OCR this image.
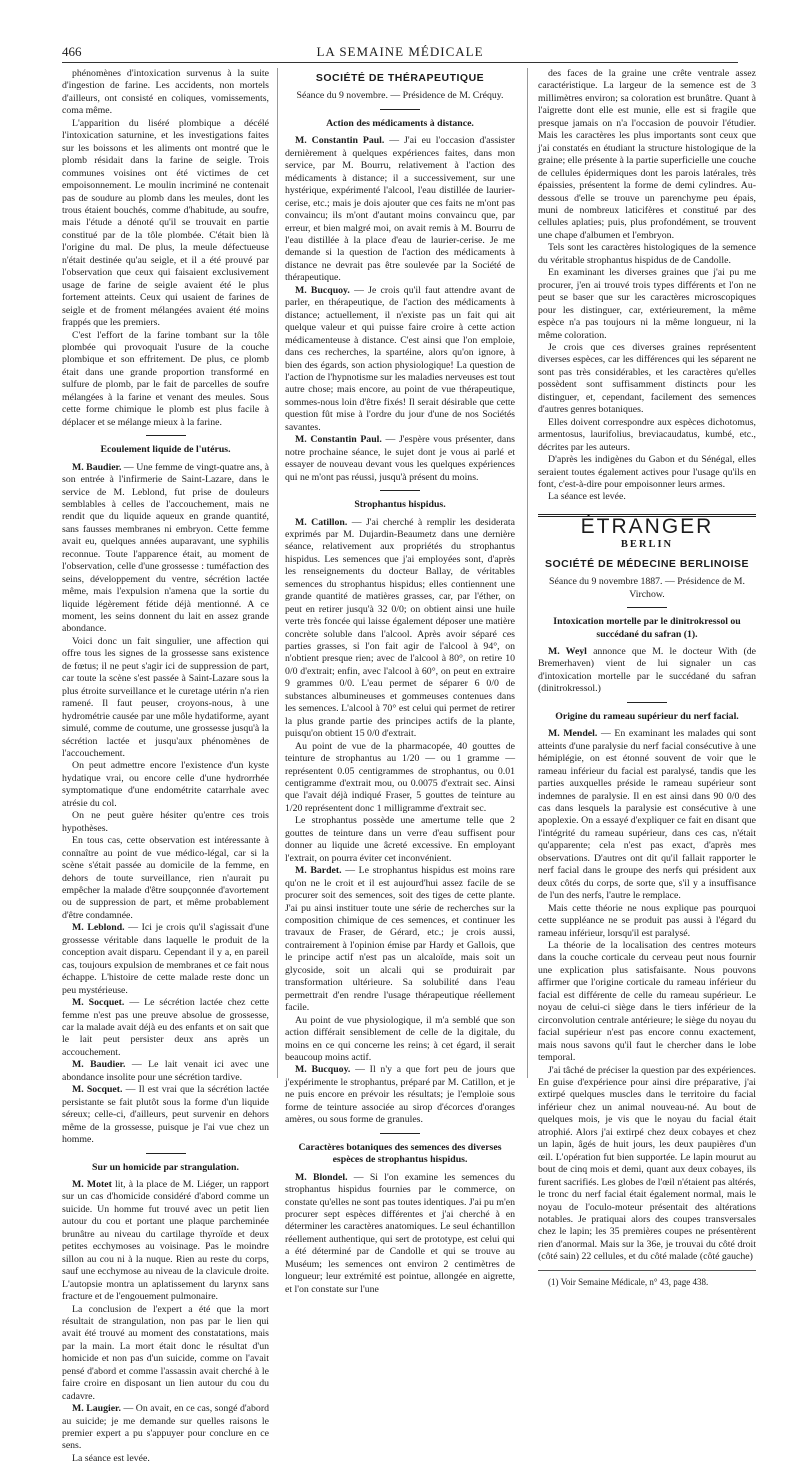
466	LA SEMAINE MÉDICALE

phénomènes d'intoxication survenus à la suite d'ingestion de farine. Les accidents, non mortels d'ailleurs, ont consisté en coliques, vomissements, coma même.

L'apparition du liséré plombique a décélé l'intoxication saturnine, et les investigations faites sur les boissons et les aliments ont montré que le plomb résidait dans la farine de seigle. Trois communes voisines ont été victimes de cet empoisonnement. Le moulin incriminé ne contenait pas de soudure au plomb dans les meules, dont les trous étaient bouchés, comme d'habitude, au soufre, mais l'étude a dénoté qu'il se trouvait en partie constitué par de la tôle plombée. C'était bien là l'origine du mal. De plus, la meule défectueuse n'était destinée qu'au seigle, et il a été prouvé par l'observation que ceux qui faisaient exclusivement usage de farine de seigle avaient été le plus fortement atteints. Ceux qui usaient de farines de seigle et de froment mélangées avaient été moins frappés que les premiers.

C'est l'effort de la farine tombant sur la tôle plombée qui provoquait l'usure de la couche plombique et son effritement. De plus, ce plomb était dans une grande proportion transformé en sulfure de plomb, par le fait de parcelles de soufre mélangées à la farine et venant des meules. Sous cette forme chimique le plomb est plus facile à déplacer et se mélange mieux à la farine.

Ecoulement liquide de l'utérus.

M. Baudier. — Une femme de vingt-quatre ans, à son entrée à l'infirmerie de Saint-Lazare, dans le service de M. Leblond, fut prise de douleurs semblables à celles de l'accouchement, mais ne rendit que du liquide aqueux en grande quantité, sans fausses membranes ni embryon. Cette femme avait eu, quelques années auparavant, une syphilis reconnue. Toute l'apparence était, au moment de l'observation, celle d'une grossesse : tuméfaction des seins, développement du ventre, sécrétion lactée même, mais l'expulsion n'amena que la sortie du liquide légèrement fétide déjà mentionné. A ce moment, les seins donnent du lait en assez grande abondance.

Voici donc un fait singulier, une affection qui offre tous les signes de la grossesse sans existence de fœtus; il ne peut s'agir ici de suppression de part, car toute la scène s'est passée à Saint-Lazare sous la plus étroite surveillance et le curetage utérin n'a rien ramené. Il faut peuser, croyons-nous, à une hydrométrie causée par une môle hydatiforme, ayant simulé, comme de coutume, une grossesse jusqu'à la sécrétion lactée et jusqu'aux phénomènes de l'accouchement.

On peut admettre encore l'existence d'un kyste hydatique vrai, ou encore celle d'une hydrorrhée symptomatique d'une endométrite catarrhale avec atrésie du col.

On ne peut guère hésiter qu'entre ces trois hypothèses.

En tous cas, cette observation est intéressante à connaître au point de vue médico-légal, car si la scène s'était passée au domicile de la femme, en dehors de toute surveillance, rien n'aurait pu empêcher la malade d'être soupçonnée d'avortement ou de suppression de part, et même probablement d'être condamnée.

M. Leblond. — Ici je crois qu'il s'agissait d'une grossesse véritable dans laquelle le produit de la conception avait disparu. Cependant il y a, en pareil cas, toujours expulsion de membranes et ce fait nous échappe. L'histoire de cette malade reste donc un peu mystérieuse.

M. Socquet. — Le sécrétion lactée chez cette femme n'est pas une preuve absolue de grossesse, car la malade avait déjà eu des enfants et on sait que le lait peut persister deux ans après un accouchement.

M. Baudier. — Le lait venait ici avec une abondance insolite pour une sécrétion tardive.

M. Socquet. — Il est vrai que la sécrétion lactée persistante se fait plutôt sous la forme d'un liquide séreux; celle-ci, d'ailleurs, peut survenir en dehors même de la grossesse, puisque je l'ai vue chez un homme.

Sur un homicide par strangulation.

M. Motet lit, à la place de M. Liéger, un rapport sur un cas d'homicide considéré d'abord comme un suicide. Un homme fut trouvé avec un petit lien autour du cou et portant une plaque parcheminée brunâtre au niveau du cartilage thyroïde et deux petites ecchymoses au voisinage. Pas le moindre sillon au cou ni à la nuque. Rien au reste du corps, sauf une ecchymose au niveau de la clavicule droite. L'autopsie montra un aplatissement du larynx sans fracture et de l'engouement pulmonaire.

La conclusion de l'expert a été que la mort résultait de strangulation, non pas par le lien qui avait été trouvé au moment des constatations, mais par la main. La mort était donc le résultat d'un homicide et non pas d'un suicide, comme on l'avait pensé d'abord et comme l'assassin avait cherché à le faire croire en disposant un lien autour du cou du cadavre.

M. Laugier. — On avait, en ce cas, songé d'abord au suicide; je me demande sur quelles raisons le premier expert a pu s'appuyer pour conclure en ce sens.

La séance est levée.

SOCIÉTÉ DE THÉRAPEUTIQUE

Séance du 9 novembre. — Présidence de M. Créquy.

Action des médicaments à distance.

M. Constantin Paul. — J'ai eu l'occasion d'assister dernièrement à quelques expériences faites, dans mon service, par M. Bourru, relativement à l'action des médicaments à distance; il a successivement, sur une hystérique, expérimenté l'alcool, l'eau distillée de laurier-cerise, etc.; mais je dois ajouter que ces faits ne m'ont pas convaincu; ils m'ont d'autant moins convaincu que, par erreur, et bien malgré moi, on avait remis à M. Bourru de l'eau distillée à la place d'eau de laurier-cerise. Je me demande si la question de l'action des médicaments à distance ne devrait pas être soulevée par la Société de thérapeutique.

M. Bucquoy. — Je crois qu'il faut attendre avant de parler, en thérapeutique, de l'action des médicaments à distance; actuellement, il n'existe pas un fait qui ait quelque valeur et qui puisse faire croire à cette action médicamenteuse à distance. C'est ainsi que l'on emploie, dans ces recherches, la spartéine, alors qu'on ignore, à bien des égards, son action physiologique! La question de l'action de l'hypnotisme sur les maladies nerveuses est tout autre chose; mais encore, au point de vue thérapeutique, sommes-nous loin d'être fixés! Il serait désirable que cette question fût mise à l'ordre du jour d'une de nos Sociétés savantes.

M. Constantin Paul. — J'espère vous présenter, dans notre prochaine séance, le sujet dont je vous ai parlé et essayer de nouveau devant vous les quelques expériences qui ne m'ont pas réussi, jusqu'à présent du moins.

Strophantus hispidus.

M. Catillon. — J'ai cherché à remplir les desiderata exprimés par M. Dujardin-Beaumetz dans une dernière séance, relativement aux propriétés du strophantus hispidus. Les semences que j'ai employées sont, d'après les renseignements du docteur Ballay, de véritables semences du strophantus hispidus; elles contiennent une grande quantité de matières grasses, car, par l'éther, on peut en retirer jusqu'à 32 0/0; on obtient ainsi une huile verte très foncée qui laisse également déposer une matière concrète soluble dans l'alcool. Après avoir séparé ces parties grasses, si l'on fait agir de l'alcool à 94°, on n'obtient presque rien; avec de l'alcool à 80°, on retire 10 0/0 d'extrait; enfin, avec l'alcool à 60°, on peut en extraire 9 grammes 0/0. L'eau permet de séparer 6 0/0 de substances albumineuses et gommeuses contenues dans les semences. L'alcool à 70° est celui qui permet de retirer la plus grande partie des principes actifs de la plante, puisqu'on obtient 15 0/0 d'extrait.

Au point de vue de la pharmacopée, 40 gouttes de teinture de strophantus au 1/20 — ou 1 gramme — représentent 0.05 centigrammes de strophantus, ou 0.01 centigramme d'extrait mou, ou 0.0075 d'extrait sec. Ainsi que l'avait déjà indiqué Fraser, 5 gouttes de teinture au 1/20 représentent donc 1 milligramme d'extrait sec.

Le strophantus possède une amertume telle que 2 gouttes de teinture dans un verre d'eau suffisent pour donner au liquide une âcreté excessive. En employant l'extrait, on pourra éviter cet inconvénient.

M. Bardet. — Le strophantus hispidus est moins rare qu'on ne le croit et il est aujourd'hui assez facile de se procurer soit des semences, soit des tiges de cette plante. J'ai pu ainsi instituer toute une série de recherches sur la composition chimique de ces semences, et continuer les travaux de Fraser, de Gérard, etc.; je crois aussi, contrairement à l'opinion émise par Hardy et Gallois, que le principe actif n'est pas un alcaloïde, mais soit un glycoside, soit un alcali qui se produirait par transformation ultérieure. Sa solubilité dans l'eau permettrait d'en rendre l'usage thérapeutique réellement facile.

Au point de vue physiologique, il m'a semblé que son action différait sensiblement de celle de la digitale, du moins en ce qui concerne les reins; à cet égard, il serait beaucoup moins actif.

M. Bucquoy. — Il n'y a que fort peu de jours que j'expérimente le strophantus, préparé par M. Catillon, et je ne puis encore en prévoir les résultats; je l'emploie sous forme de teinture associée au sirop d'écorces d'oranges amères, ou sous forme de granules.

Caractères botaniques des semences des diverses espèces de strophantus hispidus.

M. Blondel. — Si l'on examine les semences du strophantus hispidus fournies par le commerce, on constate qu'elles ne sont pas toutes identiques. J'ai pu m'en procurer sept espèces différentes et j'ai cherché à en déterminer les caractères anatomiques. Le seul échantillon réellement authentique, qui sert de prototype, est celui qui a été déterminé par de Candolle et qui se trouve au Muséum; les semences ont environ 2 centimètres de longueur; leur extrémité est pointue, allongée en aigrette, et l'on constate sur l'une

des faces de la graine une crête ventrale assez caractéristique. La largeur de la semence est de 3 millimètres environ; sa coloration est brunâtre. Quant à l'aigrette dont elle est munie, elle est si fragile que presque jamais on n'a l'occasion de pouvoir l'étudier. Mais les caractères les plus importants sont ceux que j'ai constatés en étudiant la structure histologique de la graine; elle présente à la partie superficielle une couche de cellules épidermiques dont les parois latérales, très épaissies, présentent la forme de demi cylindres. Au-dessous d'elle se trouve un parenchyme peu épais, muni de nombreux laticifères et constitué par des cellules aplaties; puis, plus profondément, se trouvent une chape d'albumen et l'embryon.

Tels sont les caractères histologiques de la semence du véritable strophantus hispidus de de Candolle.

En examinant les diverses graines que j'ai pu me procurer, j'en ai trouvé trois types différents et l'on ne peut se baser que sur les caractères microscopiques pour les distinguer, car, extérieurement, la même espèce n'a pas toujours ni la même longueur, ni la même coloration.

Je crois que ces diverses graines représentent diverses espèces, car les différences qui les séparent ne sont pas très considérables, et les caractères qu'elles possèdent sont suffisamment distincts pour les distinguer, et, cependant, facilement des semences d'autres genres botaniques.

Elles doivent correspondre aux espèces dichotomus, armentosus, laurifolius, breviacaudatus, kumbé, etc., décrites par les auteurs.

D'après les indigènes du Gabon et du Sénégal, elles seraient toutes également actives pour l'usage qu'ils en font, c'est-à-dire pour empoisonner leurs armes.

La séance est levée.

ÉTRANGER

BERLIN

SOCIÉTÉ DE MÉDECINE BERLINOISE

Séance du 9 novembre 1887. — Présidence de M. Virchow.

Intoxication mortelle par le dinitrokressol ou succédané du safran (1).

M. Weyl annonce que M. le docteur With (de Bremerhaven) vient de lui signaler un cas d'intoxication mortelle par le succédané du safran (dinitrokressol.)

Origine du rameau supérieur du nerf facial.

M. Mendel. — En examinant les malades qui sont atteints d'une paralysie du nerf facial consécutive à une hémiplégie, on est étonné souvent de voir que le rameau inférieur du facial est paralysé, tandis que les parties auxquelles préside le rameau supérieur sont indemnes de paralysie. Il en est ainsi dans 90 0/0 des cas dans lesquels la paralysie est consécutive à une apoplexie. On a essayé d'expliquer ce fait en disant que l'intégrité du rameau supérieur, dans ces cas, n'était qu'apparente; cela n'est pas exact, d'après mes observations. D'autres ont dit qu'il fallait rapporter le nerf facial dans le groupe des nerfs qui président aux deux côtés du corps, de sorte que, s'il y a insuffisance de l'un des nerfs, l'autre le remplace.

Mais cette théorie ne nous explique pas pourquoi cette suppléance ne se produit pas aussi à l'égard du rameau inférieur, lorsqu'il est paralysé.

La théorie de la localisation des centres moteurs dans la couche corticale du cerveau peut nous fournir une explication plus satisfaisante. Nous pouvons affirmer que l'origine corticale du rameau inférieur du facial est différente de celle du rameau supérieur. Le noyau de celui-ci siège dans le tiers inférieur de la circonvolution centrale antérieure; le siège du noyau du facial supérieur n'est pas encore connu exactement, mais nous savons qu'il faut le chercher dans le lobe temporal.

J'ai tâché de préciser la question par des expériences. En guise d'expérience pour ainsi dire préparative, j'ai extirpé quelques muscles dans le territoire du facial inférieur chez un animal nouveau-né. Au bout de quelques mois, je vis que le noyau du facial était atrophié. Alors j'ai extirpé chez deux cobayes et chez un lapin, âgés de huit jours, les deux paupières d'un œil. L'opération fut bien supportée. Le lapin mourut au bout de cinq mois et demi, quant aux deux cobayes, ils furent sacrifiés. Les globes de l'œil n'étaient pas altérés, le tronc du nerf facial était également normal, mais le noyau de l'oculo-moteur présentait des altérations notables. Je pratiquai alors des coupes transversales chez le lapin; les 35 premières coupes ne présentèrent rien d'anormal. Mais sur la 36e, je trouvai du côté droit (côté sain) 22 cellules, et du côté malade (côté gauche)

(1) Voir Semaine Médicale, n° 43, page 438.
